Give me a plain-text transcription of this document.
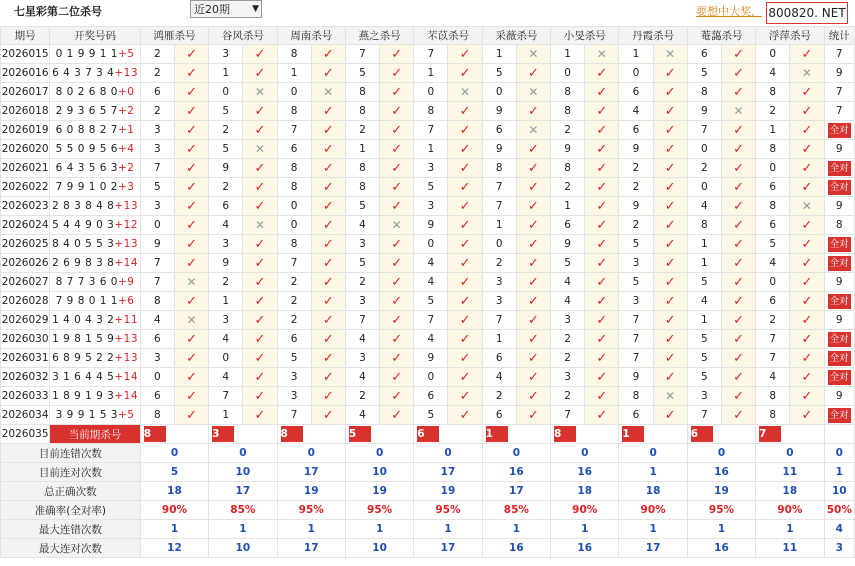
七星彩第二位杀号	近20期 ▼	要想中大奖， 800820. NET
期号	开奖号码	鸿雁杀号		谷风杀号		周南杀号		燕之杀号		芣苡杀号		采薇杀号		小旻杀号		丹霞杀号		菴藹杀号		浮萍杀号		统计
2026015	0 1 9 9 1 1+5	2	✓	3	✓	8	✓	7	✓	7	✓	1	✕	1	✕	1	✕	6	✓	0	✓	7
2026016	6 4 3 7 3 4+13	2	✓	1	✓	1	✓	5	✓	1	✓	5	✓	0	✓	0	✓	5	✓	4	✕	9
2026017	8 0 2 6 8 0+0	6	✓	0	✕	0	✕	8	✓	0	✕	0	✕	8	✓	6	✓	8	✓	8	✓	7
2026018	2 9 3 6 5 7+2	2	✓	5	✓	8	✓	8	✓	8	✓	9	✓	8	✓	4	✓	9	✕	2	✓	7
2026019	6 0 8 8 2 7+1	3	✓	2	✓	7	✓	2	✓	7	✓	6	✕	2	✓	6	✓	7	✓	1	✓	全对
2026020	5 5 0 9 5 6+4	3	✓	5	✕	6	✓	1	✓	1	✓	9	✓	9	✓	9	✓	0	✓	8	✓	9
2026021	6 4 3 5 6 3+2	7	✓	9	✓	8	✓	8	✓	3	✓	8	✓	8	✓	2	✓	2	✓	0	✓	全对
2026022	7 9 9 1 0 2+3	5	✓	2	✓	8	✓	8	✓	5	✓	7	✓	2	✓	2	✓	0	✓	6	✓	全对
2026023	2 8 3 8 4 8+13	3	✓	6	✓	0	✓	5	✓	3	✓	7	✓	1	✓	9	✓	4	✓	8	✕	9
2026024	5 4 4 9 0 3+12	0	✓	4	✕	0	✓	4	✕	9	✓	1	✓	6	✓	2	✓	8	✓	6	✓	8
2026025	8 4 0 5 5 3+13	9	✓	3	✓	8	✓	3	✓	0	✓	0	✓	9	✓	5	✓	1	✓	5	✓	全对
2026026	2 6 9 8 3 8+14	7	✓	9	✓	7	✓	5	✓	4	✓	2	✓	5	✓	3	✓	1	✓	4	✓	全对
2026027	8 7 7 3 6 0+9	7	✕	2	✓	2	✓	2	✓	4	✓	3	✓	4	✓	5	✓	5	✓	0	✓	9
2026028	7 9 8 0 1 1+6	8	✓	1	✓	2	✓	3	✓	5	✓	3	✓	4	✓	3	✓	4	✓	6	✓	全对
2026029	1 4 0 4 3 2+11	4	✕	3	✓	2	✓	7	✓	7	✓	7	✓	3	✓	7	✓	1	✓	2	✓	9
2026030	1 9 8 1 5 9+13	6	✓	4	✓	6	✓	4	✓	4	✓	1	✓	2	✓	7	✓	5	✓	7	✓	全对
2026031	6 8 9 5 2 2+13	3	✓	0	✓	5	✓	3	✓	9	✓	6	✓	2	✓	7	✓	5	✓	7	✓	全对
2026032	3 1 6 4 4 5+14	0	✓	4	✓	3	✓	4	✓	0	✓	4	✓	3	✓	9	✓	5	✓	4	✓	全对
2026033	1 8 9 1 9 3+14	6	✓	7	✓	3	✓	2	✓	6	✓	2	✓	2	✓	8	✕	3	✓	8	✓	9
2026034	3 9 9 1 5 3+5	8	✓	1	✓	7	✓	4	✓	5	✓	6	✓	7	✓	6	✓	7	✓	8	✓	全对
2026035	当前期杀号	8		3		8		5		6		1		8		1		6		7		
目前连错次数		0		0		0		0		0		0		0		0		0		0		0
目前连对次数		5		10		17		10		17		16		16		1		16		11		1
总正确次数		18		17		19		19		19		17		18		18		19		18		10
准确率(全对率)		90%		85%		95%		95%		95%		85%		90%		90%		95%		90%		50%
最大连错次数		1		1		1		1		1		1		1		1		1		1		4
最大连对次数		12		10		17		10		17		16		16		17		16		11		3
